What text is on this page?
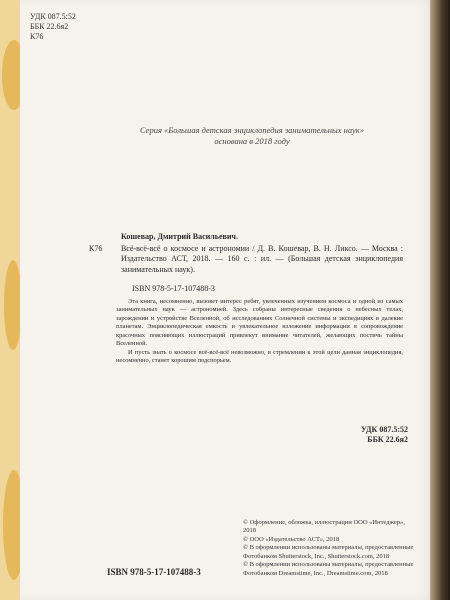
УДК 087.5:52
ББК 22.6я2
К76
Серия «Большая детская энциклопедия занимательных наук»
основана в 2018 году
Кошевар, Дмитрий Васильевич.
К76 Всё-всё-всё о космосе и астрономии / Д. В. Кошевар, В. Н. Ликсо. — Москва : Издательство АСТ, 2018. — 160 с. : ил. — (Большая детская энциклопедия занимательных наук).
ISBN 978-5-17-107488-3
Эта книга, несомненно, вызовет интерес ребят, увлеченных изучением космоса и одной из самых занимательных наук — астрономией. Здесь собраны интересные сведения о небесных телах, зарождении и устройстве Вселенной, об исследованиях Солнечной системы и экспедициях в далекие планетам. Энциклопедическая емкость и увлекательное изложение информации в сопровождение красочных поясняющих иллюстраций привлекут внимание читателей, желающих постичь тайны Вселенной.
И пусть знать о космосе всё-всё-всё невозможно, в стремлении к этой цели данная энциклопедия, несомненно, станет хорошим подспорьем.
УДК 087.5:52
ББК 22.6я2
© Оформление, обложка, иллюстрации ООО «Интеджер», 2018
© ООО «Издательство АСТ», 2018
© В оформлении использованы материалы, предоставленные Фотобанком Shutterstock, Inc., Shutterstock.com, 2018
© В оформлении использованы материалы, предоставленные Фотобанком Dreamstime, Inc., Dreamstime.com, 2018
ISBN 978-5-17-107488-3
